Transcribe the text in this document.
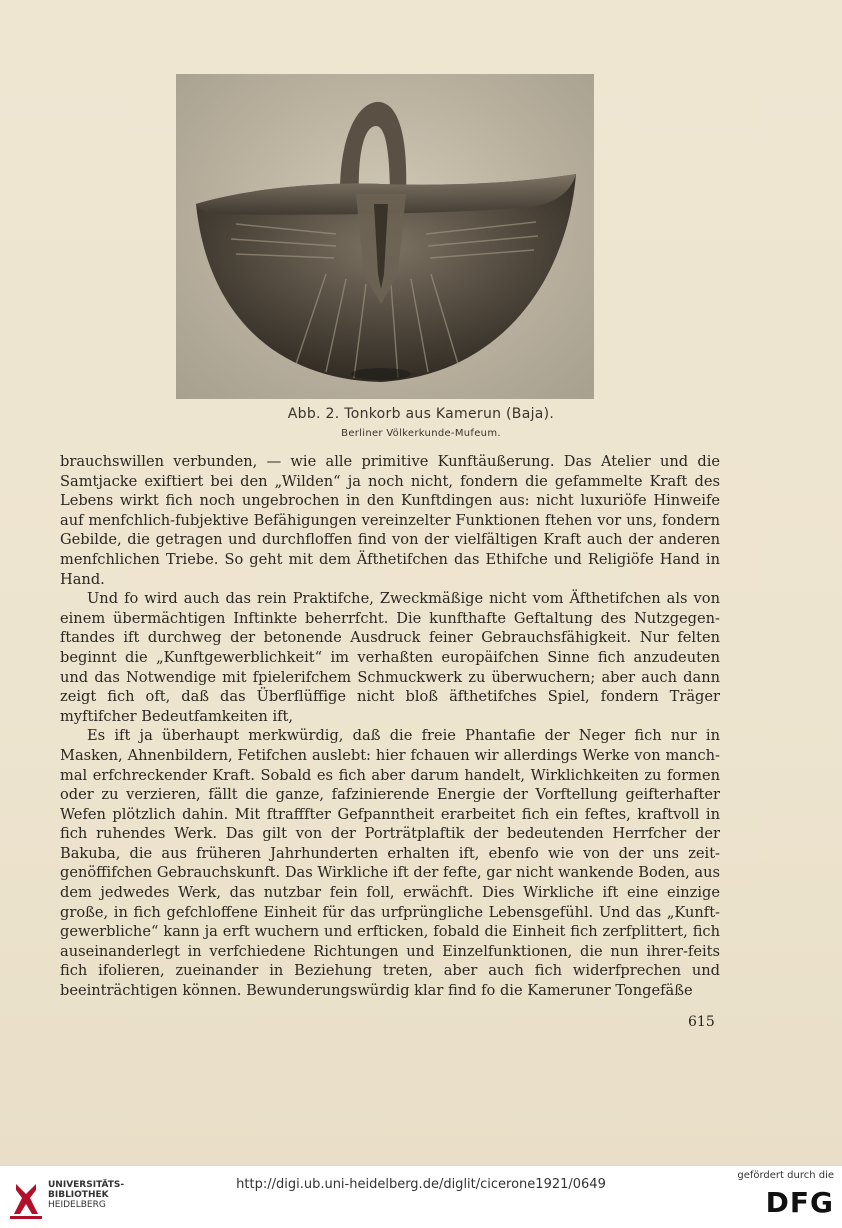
Abb. 2. Tonkorb aus Kamerun (Baja).
Berliner Völkerkunde-Mufeum.

brauchswillen verbunden, — wie alle primitive Kunftäußerung. Das Atelier und die Samtjacke exiftiert bei den „Wilden“ ja noch nicht, fondern die gefammelte Kraft des Lebens wirkt fich noch ungebrochen in den Kunftdingen aus: nicht luxuriöfe Hinweife auf menfchlich-fubjektive Befähigungen vereinzelter Funktionen ftehen vor uns, fondern Gebilde, die getragen und durchfloffen find von der vielfältigen Kraft auch der anderen menfchlichen Triebe. So geht mit dem Äfthetifchen das Ethifche und Religiöfe Hand in Hand.

Und fo wird auch das rein Praktifche, Zweckmäßige nicht vom Äfthetifchen als von einem übermächtigen Inftinkte beherrfcht. Die kunfthafte Geftaltung des Nutzgegen-ftandes ift durchweg der betonende Ausdruck feiner Gebrauchsfähigkeit. Nur felten beginnt die „Kunftgewerblichkeit“ im verhaßten europäifchen Sinne fich anzudeuten und das Notwendige mit fpielerifchem Schmuckwerk zu überwuchern; aber auch dann zeigt fich oft, daß das Überflüffige nicht bloß äfthetifches Spiel, fondern Träger myftifcher Bedeutfamkeiten ift,

Es ift ja überhaupt merkwürdig, daß die freie Phantafie der Neger fich nur in Masken, Ahnenbildern, Fetifchen auslebt: hier fchauen wir allerdings Werke von manch-mal erfchreckender Kraft. Sobald es fich aber darum handelt, Wirklichkeiten zu formen oder zu verzieren, fällt die ganze, fafzinierende Energie der Vorftellung geifterhafter Wefen plötzlich dahin. Mit ftrafffter Gefpanntheit erarbeitet fich ein feftes, kraftvoll in fich ruhendes Werk. Das gilt von der Porträtplaftik der bedeutenden Herrfcher der Bakuba, die aus früheren Jahrhunderten erhalten ift, ebenfo wie von der uns zeit-genöffifchen Gebrauchskunft. Das Wirkliche ift der fefte, gar nicht wankende Boden, aus dem jedwedes Werk, das nutzbar fein foll, erwächft. Dies Wirkliche ift eine einzige große, in fich gefchloffene Einheit für das urfprüngliche Lebensgefühl. Und das „Kunft-gewerbliche“ kann ja erft wuchern und erfticken, fobald die Einheit fich zerfplittert, fich auseinanderlegt in verfchiedene Richtungen und Einzelfunktionen, die nun ihrer-feits fich ifolieren, zueinander in Beziehung treten, aber auch fich widerfprechen und beeinträchtigen können. Bewunderungswürdig klar find fo die Kameruner Tongefäße

615
UNIVERSITÄTS-
BIBLIOTHEK
HEIDELBERG
http://digi.ub.uni-heidelberg.de/diglit/cicerone1921/0649
gefördert durch die
DFG
